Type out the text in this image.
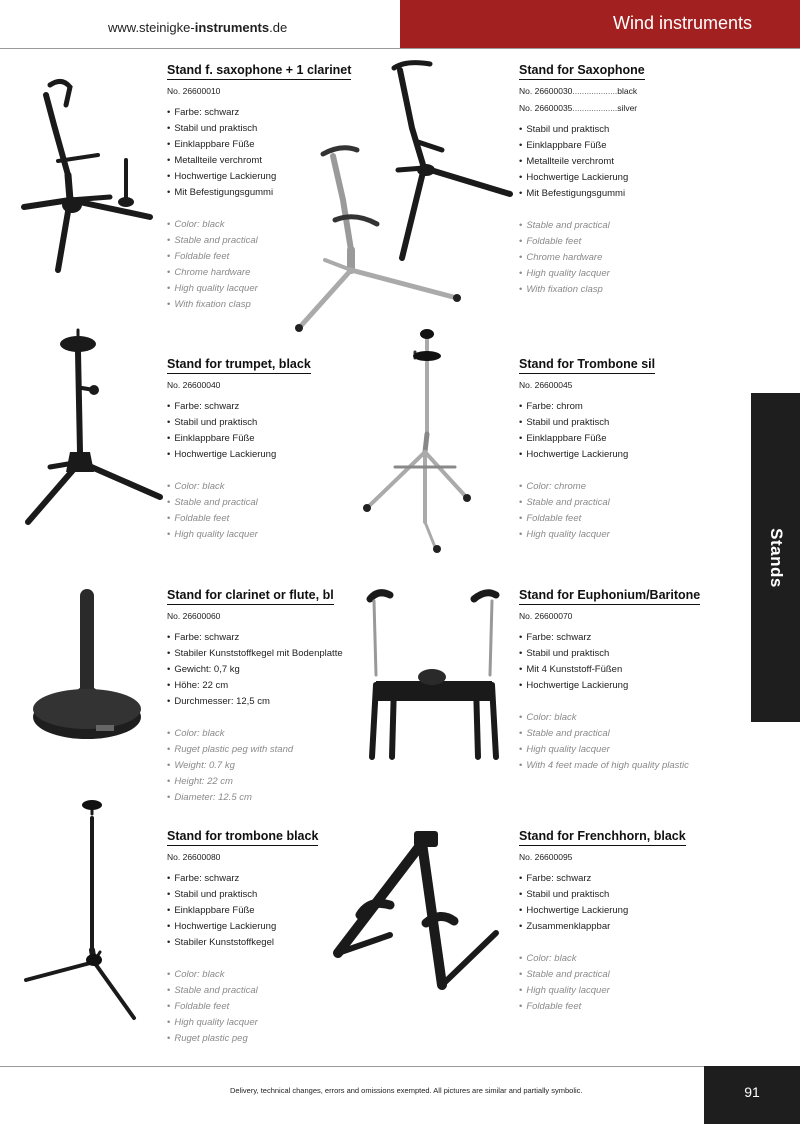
www.steinigke-instruments.de	Wind instruments
Stands
Stand f. saxophone + 1 clarinet
No. 26600010
• Farbe: schwarz
• Stabil und praktisch
• Einklappbare Füße
• Metallteile verchromt
• Hochwertige Lackierung
• Mit Befestigungsgummi
• Color: black
• Stable and practical
• Foldable feet
• Chrome hardware
• High quality lacquer
• With fixation clasp
Stand for Saxophone
No. 26600030...................black
No. 26600035...................silver
• Stabil und praktisch
• Einklappbare Füße
• Metallteile verchromt
• Hochwertige Lackierung
• Mit Befestigungsgummi
• Stable and practical
• Foldable feet
• Chrome hardware
• High quality lacquer
• With fixation clasp
Stand for trumpet, black
No. 26600040
• Farbe: schwarz
• Stabil und praktisch
• Einklappbare Füße
• Hochwertige Lackierung
• Color: black
• Stable and practical
• Foldable feet
• High quality lacquer
Stand for Trombone sil
No. 26600045
• Farbe: chrom
• Stabil und praktisch
• Einklappbare Füße
• Hochwertige Lackierung
• Color: chrome
• Stable and practical
• Foldable feet
• High quality lacquer
Stand for clarinet or flute, bl
No. 26600060
• Farbe: schwarz
• Stabiler Kunststoffkegel mit Bodenplatte
• Gewicht: 0,7 kg
• Höhe: 22 cm
• Durchmesser: 12,5 cm
• Color: black
• Ruget plastic peg with stand
• Weight: 0.7 kg
• Height: 22 cm
• Diameter: 12.5 cm
Stand for Euphonium/Baritone
No. 26600070
• Farbe: schwarz
• Stabil und praktisch
• Mit 4 Kunststoff-Füßen
• Hochwertige Lackierung
• Color: black
• Stable and practical
• High quality lacquer
• With 4 feet made of high quality plastic
Stand for trombone black
No. 26600080
• Farbe: schwarz
• Stabil und praktisch
• Einklappbare Füße
• Hochwertige Lackierung
• Stabiler Kunststoffkegel
• Color: black
• Stable and practical
• Foldable feet
• High quality lacquer
• Ruget plastic peg
Stand for Frenchhorn, black
No. 26600095
• Farbe: schwarz
• Stabil und praktisch
• Hochwertige Lackierung
• Zusammenklappbar
• Color: black
• Stable and practical
• High quality lacquer
• Foldable feet
Delivery, technical changes, errors and omissions exempted. All pictures are similar and partially symbolic.	91
